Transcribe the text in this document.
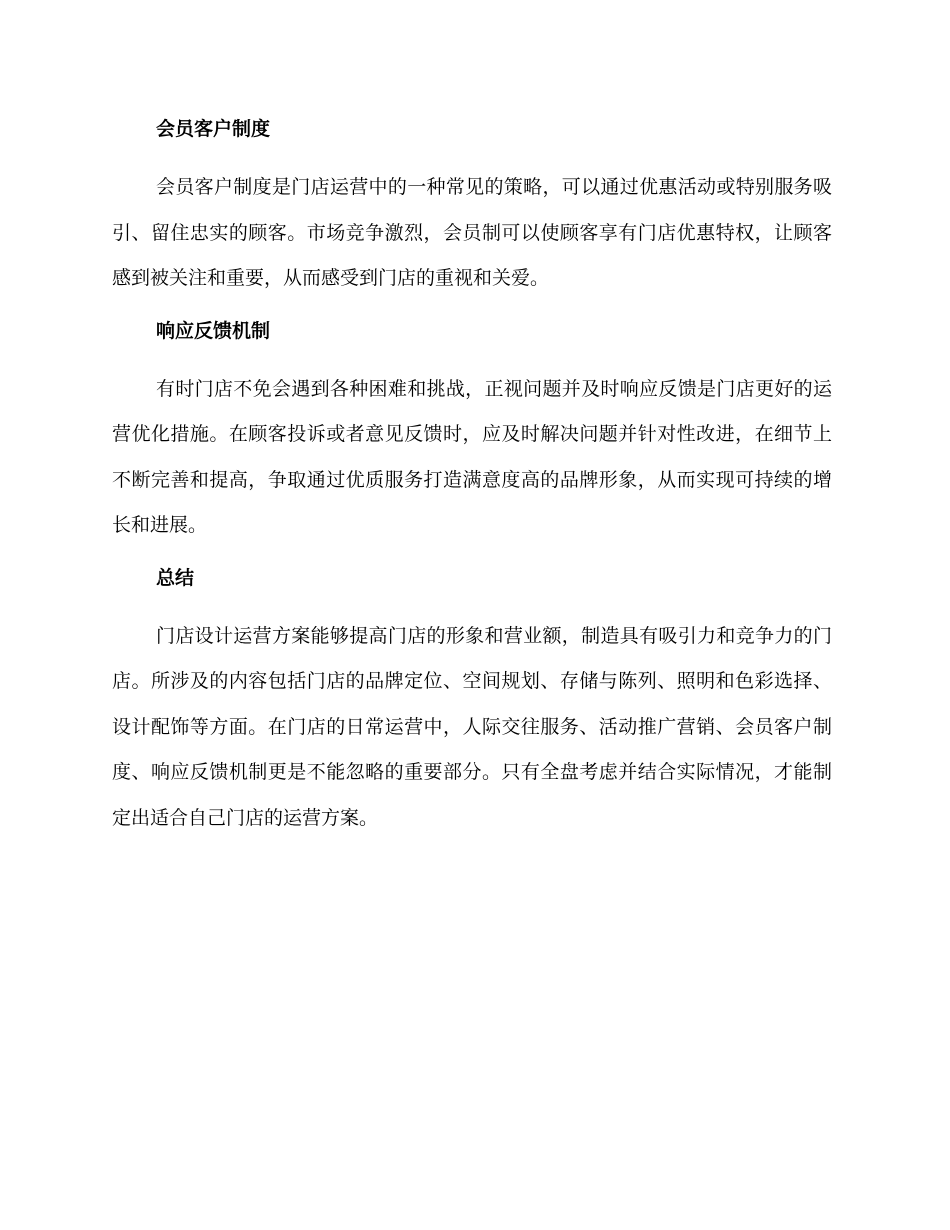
会员客户制度

会员客户制度是门店运营中的一种常见的策略，可以通过优惠活动或特别服务吸引、留住忠实的顾客。市场竞争激烈，会员制可以使顾客享有门店优惠特权，让顾客感到被关注和重要，从而感受到门店的重视和关爱。

响应反馈机制

有时门店不免会遇到各种困难和挑战，正视问题并及时响应反馈是门店更好的运营优化措施。在顾客投诉或者意见反馈时，应及时解决问题并针对性改进，在细节上不断完善和提高，争取通过优质服务打造满意度高的品牌形象，从而实现可持续的增长和进展。

总结

门店设计运营方案能够提高门店的形象和营业额，制造具有吸引力和竞争力的门店。所涉及的内容包括门店的品牌定位、空间规划、存储与陈列、照明和色彩选择、设计配饰等方面。在门店的日常运营中，人际交往服务、活动推广营销、会员客户制度、响应反馈机制更是不能忽略的重要部分。只有全盘考虑并结合实际情况，才能制定出适合自己门店的运营方案。
